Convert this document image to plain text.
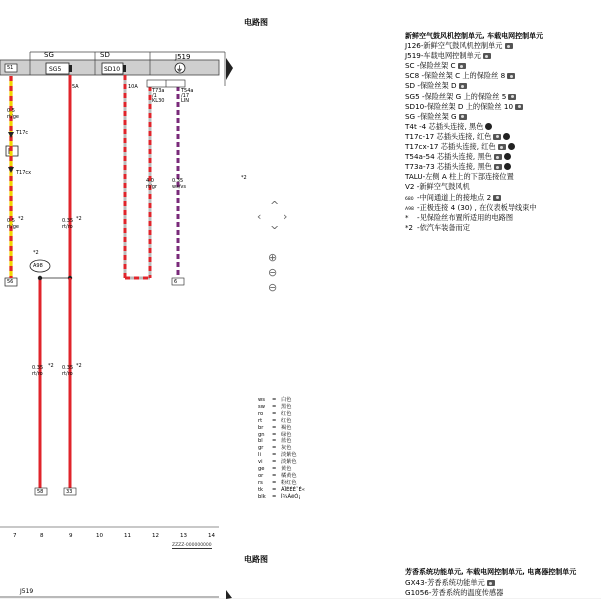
SG
SG5
SD
SD10
J519
⏚
51
56
58	33
6
5A	10A
T17c
T17cx
T73a
/1
KL30
T54a
/17
LIN
0.5
rt/ge
0.5 *2
rt/ge
0.35 *2
rt/ro
4.0
rt/gr
0.35
ws/vs
0.35 *2
rt/ro
0.35 *2
rt/ro
A98
*2
*2
7	8	9	10	11	12	13	14
ZZZZ-000000000
J519
‹ ›
^
^
⊕
⊖
⊖
电路图
电路图
新鲜空气鼓风机控制单元, 车载电网控制单元
J126-新鲜空气鼓风机控制单元
J519-车载电网控制单元
SC -保险丝架 C
SC8 -保险丝架 C 上的保险丝 8
SD -保险丝架 D
SG5 -保险丝架 G 上的保险丝 5
SD10-保险丝架 D 上的保险丝 10
SG -保险丝架 G
T4t -4 芯插头连接, 黑色
T17c-17 芯插头连接, 红色
T17cx-17 芯插头连接, 红色
T54a-54 芯插头连接, 黑色
T73a-73 芯插头连接, 黑色
TALU-左侧 A 柱上的下部连接位置
V2 -新鲜空气鼓风机
680 -中间通道上的接地点 2
A98 -正极连接 4 (30) , 在仪表板导线束中
* -见保险丝布置所适用的电路图
*2 -依汽车装备而定
芳香系统功能单元, 车载电网控制单元, 电离器控制单元
GX43-芳香系统功能单元
G1056-芳香系统的温度传感器
ws = 白色
sw = 黑色
ro = 红色
rt = 红色
br = 褐色
gn = 绿色
bl = 蓝色
gr = 灰色
li = 淡紫色
vi = 淡紫色
ge = 黄色
or = 橘黄色
rs = 粉红色
tk = ÁÏÉÉÉ˜É«
blk = Í¾ÀëÓ¡
